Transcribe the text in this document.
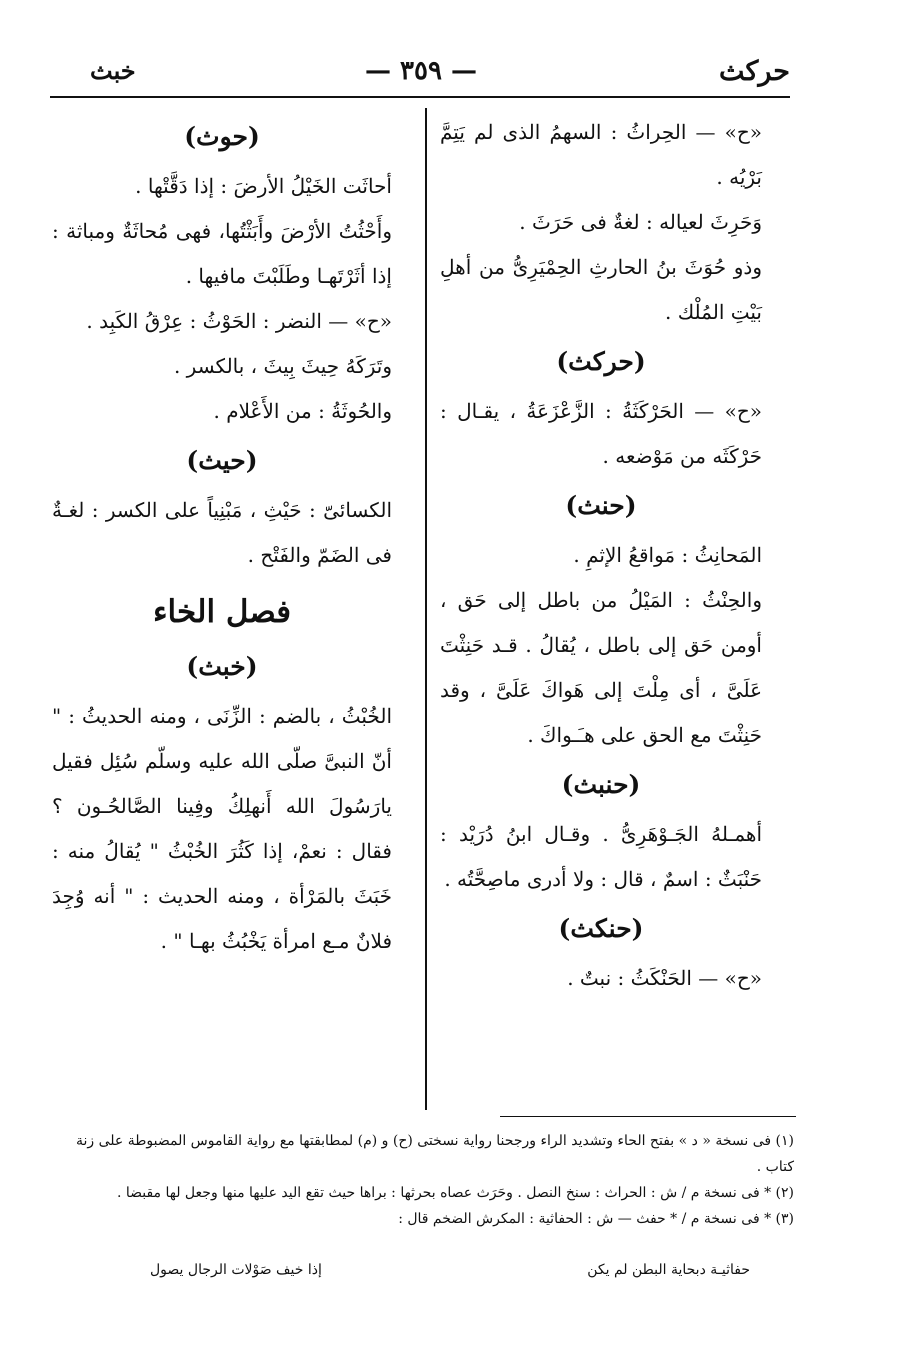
حركث
— ٣٥٩ —
خبث

«ح» — الحِراثُ : السهمُ الذى لم يَتِمَّ بَرْيُه .

وَحَرِثَ لعياله : لغةٌ فى حَرَثَ .

وذو حُوَثَ بنُ الحارثِ الحِمْيَرِىُّ من أهلِ بَيْتِ المُلْك .

(حركث)

«ح» — الحَرْكَثَةُ : الزَّعْزَعَةُ ، يقـال : حَرْكَثَه من مَوْضعه .

(حنث)

المَحانِثُ : مَواقعُ الإثمِ .

والحِنْثُ : المَيْلُ من باطل إلى حَق ، أومن حَق إلى باطل ، يُقالُ . قـد حَنِثْتَ عَلَىَّ ، أى مِلْتَ إلى هَواكَ عَلَىَّ ، وقد حَنِثْتَ مع الحق على هـَـواكَ .

(حنبث)

أهمـلهُ الجَـوْهَرِىُّ . وقـال ابنُ دُرَيْد : حَنْبَثٌ : اسمٌ ، قال : ولا أدرى ماصِحَّتُه .

(حنكث)

«ح» — الحَنْكَثُ : نبتٌ .

(حوث)

أحاثَت الخَيْلُ الأرضَ : إذا دَقَّتْها .

وأَحْثُتُ الأرْضَ وأَبَثْتُها، فهى مُحاثَةٌ ومباثة : إذا أثَرْتَهـا وطَلَبْتَ مافيها .

«ح» — النضر : الحَوْثُ : عِرْقُ الكَبِد .

وتَرَكَهُ حِيثَ بِيثَ ، بالكسر .

والحُوثَةُ : من الأَعْلام .

(حيث)

الكسائىّ : حَيْثِ ، مَبْنِياً على الكسر : لغـةٌ فى الضَمّ والفَتْح .

فصل الخاء
(خبث)

الخُبْثُ ، بالضم : الزِّنَى ، ومنه الحديثُ : " أنّ النبىَّ صلّى الله عليه وسلّم سُئِل فقيل يارَسُولَ الله أَنهلِكُ وفِينا الصَّالحُـون ؟ فقال : نعمْ، إذا كَثُرَ الخُبْثُ " يُقالُ منه : خَبَثَ بالمَرْأة ، ومنه الحديث : " أنه وُجِدَ فلانٌ مـع امرأة يَخْبُثُ بهـا " .

(١) فى نسخة « د » بفتح الحاء وتشديد الراء ورجحنا رواية نسختى (ح) و (م) لمطابقتها مع رواية القاموس المضبوطة على زنة كتاب .

(٢) * فى نسخة م / ش : الحراث : سنخ النصل . وحَرَث عصاه بحرثها : براها حيث تقع اليد عليها منها وجعل لها مقبضا .

(٣) * فى نسخة م / * حفث — ش : الحفاثية : المكرش الضخم قال :

حفاثيـة دبحاية البطن لم يكن
إذا خيف صَوْلات الرجال يصول
